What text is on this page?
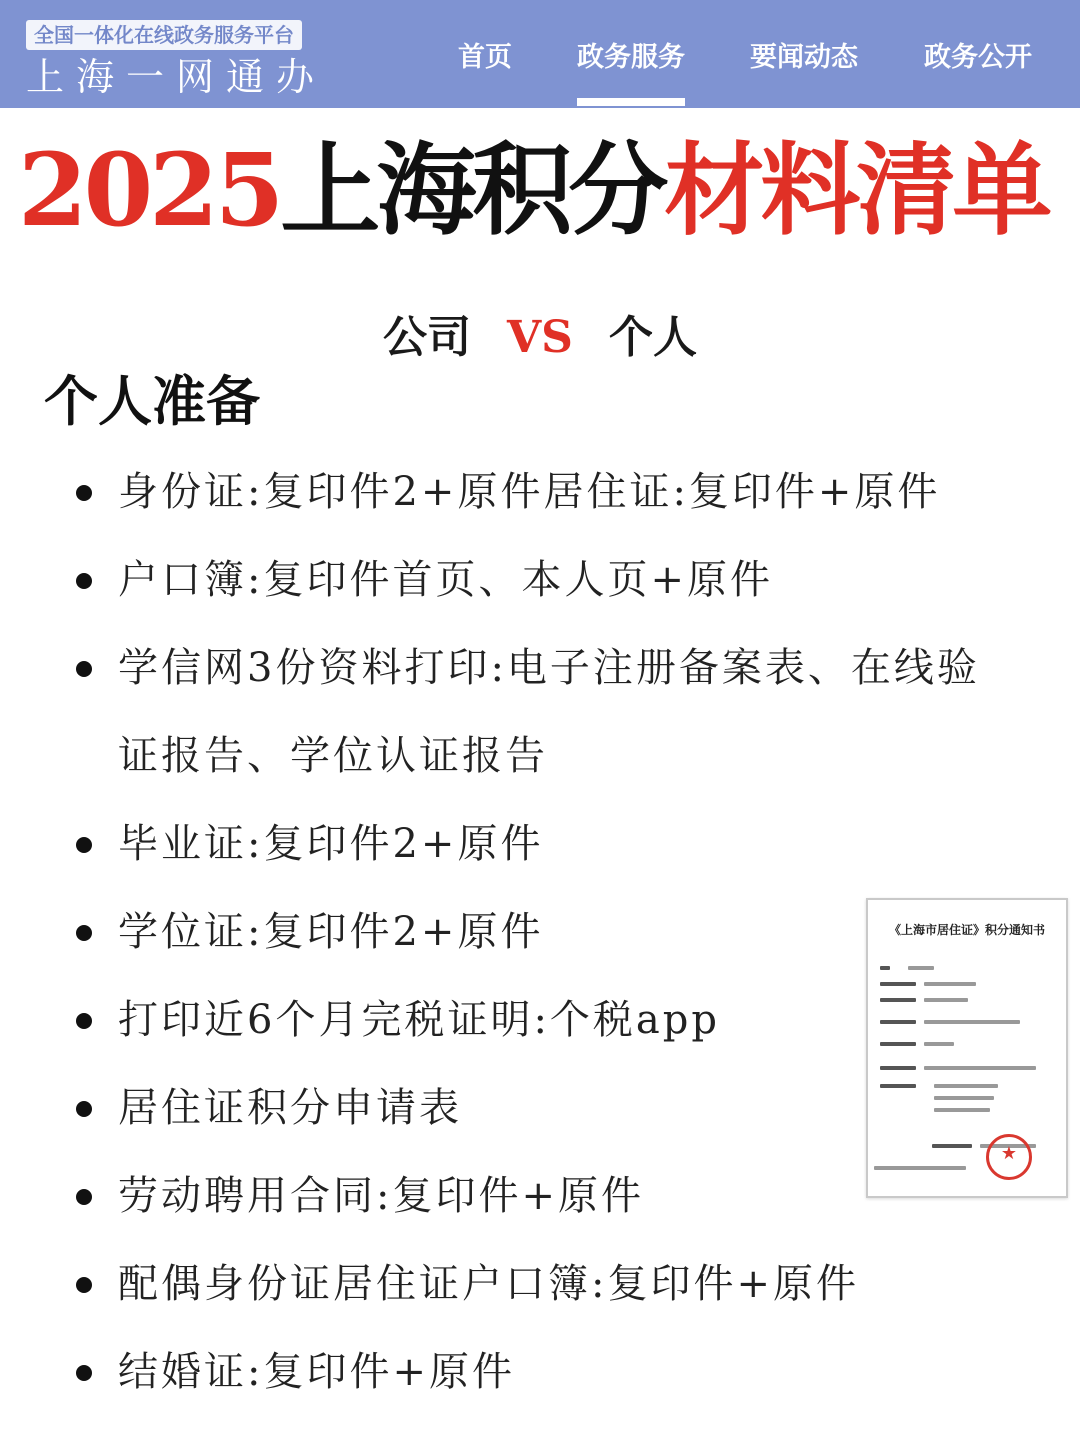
全国一体化在线政务服务平台
上海一网通办	首页 政务服务 要闻动态 政务公开
2025上海积分材料清单
公司 VS 个人
个人准备
身份证:复印件2+原件居住证:复印件+原件
户口簿:复印件首页、本人页+原件
学信网3份资料打印:电子注册备案表、在线验证报告、学位认证报告
毕业证:复印件2+原件
学位证:复印件2+原件
打印近6个月完税证明:个税app
居住证积分申请表
劳动聘用合同:复印件+原件
配偶身份证居住证户口簿:复印件+原件
结婚证:复印件+原件
《上海市居住证》积分通知书
★
